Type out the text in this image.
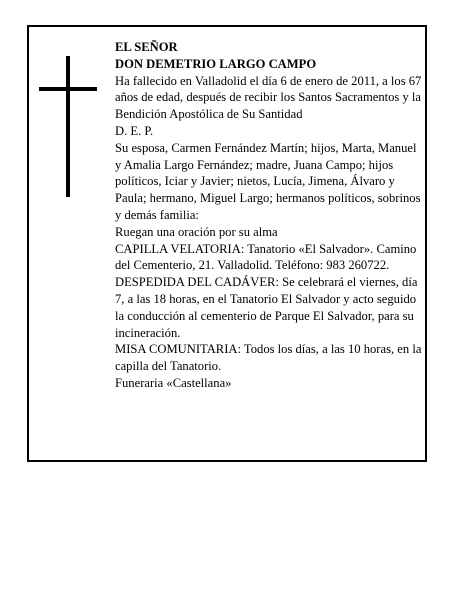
EL SEÑOR

DON DEMETRIO LARGO CAMPO

Ha fallecido en Valladolid el día 6 de enero de 2011, a los 67 años de edad, después de recibir los Santos Sacramentos y la Bendición Apostólica de Su Santidad

D. E. P.

Su esposa, Carmen Fernández Martín; hijos, Marta, Manuel y Amalia Largo Fernández; madre, Juana Campo; hijos políticos, Iciar y Javier; nietos, Lucía, Jimena, Álvaro y Paula; hermano, Miguel Largo; hermanos políticos, sobrinos y demás familia:

Ruegan una oración por su alma

CAPILLA VELATORIA: Tanatorio «El Salvador». Camino del Cementerio, 21. Valladolid. Teléfono: 983 260722.

DESPEDIDA DEL CADÁVER: Se celebrará el viernes, día 7, a las 18 horas, en el Tanatorio El Salvador y acto seguido la conducción al cementerio de Parque El Salvador, para su incineración.

MISA COMUNITARIA: Todos los días, a las 10 horas, en la capilla del Tanatorio.

Funeraria «Castellana»
